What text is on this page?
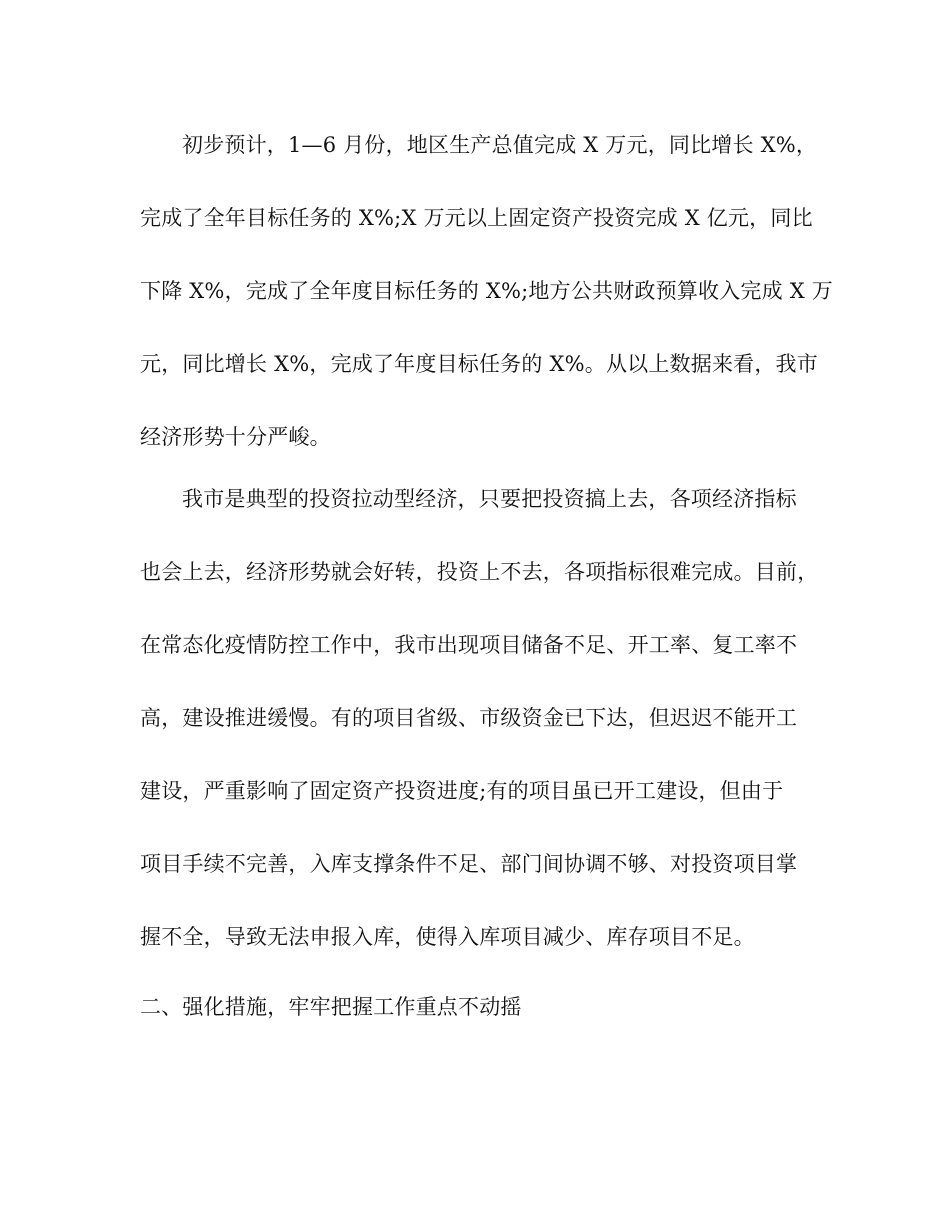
初步预计，1—6 月份，地区生产总值完成 X 万元，同比增长 X%，
完成了全年目标任务的 X%;X 万元以上固定资产投资完成 X 亿元，同比
下降 X%，完成了全年度目标任务的 X%;地方公共财政预算收入完成 X 万
元，同比增长 X%，完成了年度目标任务的 X%。从以上数据来看，我市
经济形势十分严峻。
我市是典型的投资拉动型经济，只要把投资搞上去，各项经济指标
也会上去，经济形势就会好转，投资上不去，各项指标很难完成。目前，
在常态化疫情防控工作中，我市出现项目储备不足、开工率、复工率不
高，建设推进缓慢。有的项目省级、市级资金已下达，但迟迟不能开工
建设，严重影响了固定资产投资进度;有的项目虽已开工建设，但由于
项目手续不完善，入库支撑条件不足、部门间协调不够、对投资项目掌
握不全，导致无法申报入库，使得入库项目减少、库存项目不足。
二、强化措施，牢牢把握工作重点不动摇
